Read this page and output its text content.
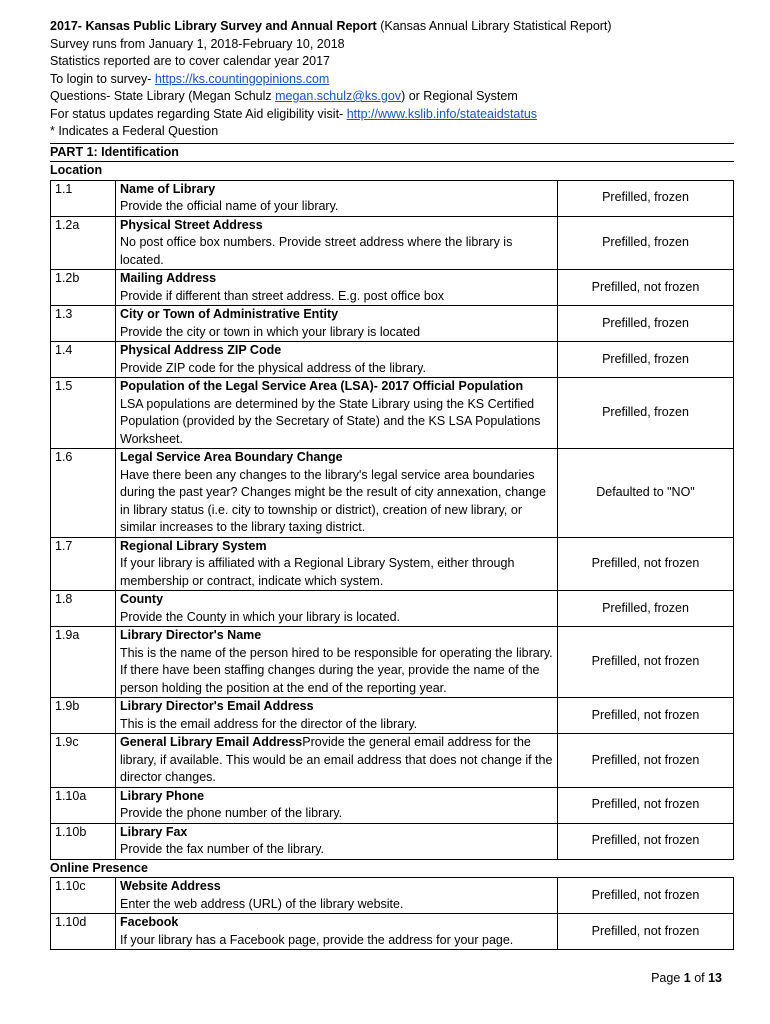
2017- Kansas Public Library Survey and Annual Report (Kansas Annual Library Statistical Report)
Survey runs from January 1, 2018-February 10, 2018
Statistics reported are to cover calendar year 2017
To login to survey- https://ks.countingopinions.com
Questions- State Library (Megan Schulz megan.schulz@ks.gov) or Regional System
For status updates regarding State Aid eligibility visit- http://www.kslib.info/stateaidstatus
* Indicates a Federal Question
PART 1: Identification
Location
1.1	Name of Library
Provide the official name of your library.	Prefilled, frozen
1.2a	Physical Street Address
No post office box numbers. Provide street address where the library is located.	Prefilled, frozen
1.2b	Mailing Address
Provide if different than street address. E.g. post office box	Prefilled, not frozen
1.3	City or Town of Administrative Entity
Provide the city or town in which your library is located	Prefilled, frozen
1.4	Physical Address ZIP Code
Provide ZIP code for the physical address of the library.	Prefilled, frozen
1.5	Population of the Legal Service Area (LSA)- 2017 Official Population
LSA populations are determined by the State Library using the KS Certified Population (provided by the Secretary of State) and the KS LSA Populations Worksheet.	Prefilled, frozen
1.6	Legal Service Area Boundary Change
Have there been any changes to the library's legal service area boundaries during the past year? Changes might be the result of city annexation, change in library status (i.e. city to township or district), creation of new library, or similar increases to the library taxing district.	Defaulted to "NO"
1.7	Regional Library System
If your library is affiliated with a Regional Library System, either through membership or contract, indicate which system.	Prefilled, not frozen
1.8	County
Provide the County in which your library is located.	Prefilled, frozen
1.9a	Library Director's Name
This is the name of the person hired to be responsible for operating the library. If there have been staffing changes during the year, provide the name of the person holding the position at the end of the reporting year.	Prefilled, not frozen
1.9b	Library Director's Email Address
This is the email address for the director of the library.	Prefilled, not frozen
1.9c	General Library Email AddressProvide the general email address for the library, if available. This would be an email address that does not change if the director changes.	Prefilled, not frozen
1.10a	Library Phone
Provide the phone number of the library.	Prefilled, not frozen
1.10b	Library Fax
Provide the fax number of the library.	Prefilled, not frozen
Online Presence
1.10c	Website Address
Enter the web address (URL) of the library website.	Prefilled, not frozen
1.10d	Facebook
If your library has a Facebook page, provide the address for your page.	Prefilled, not frozen
Page 1 of 13
